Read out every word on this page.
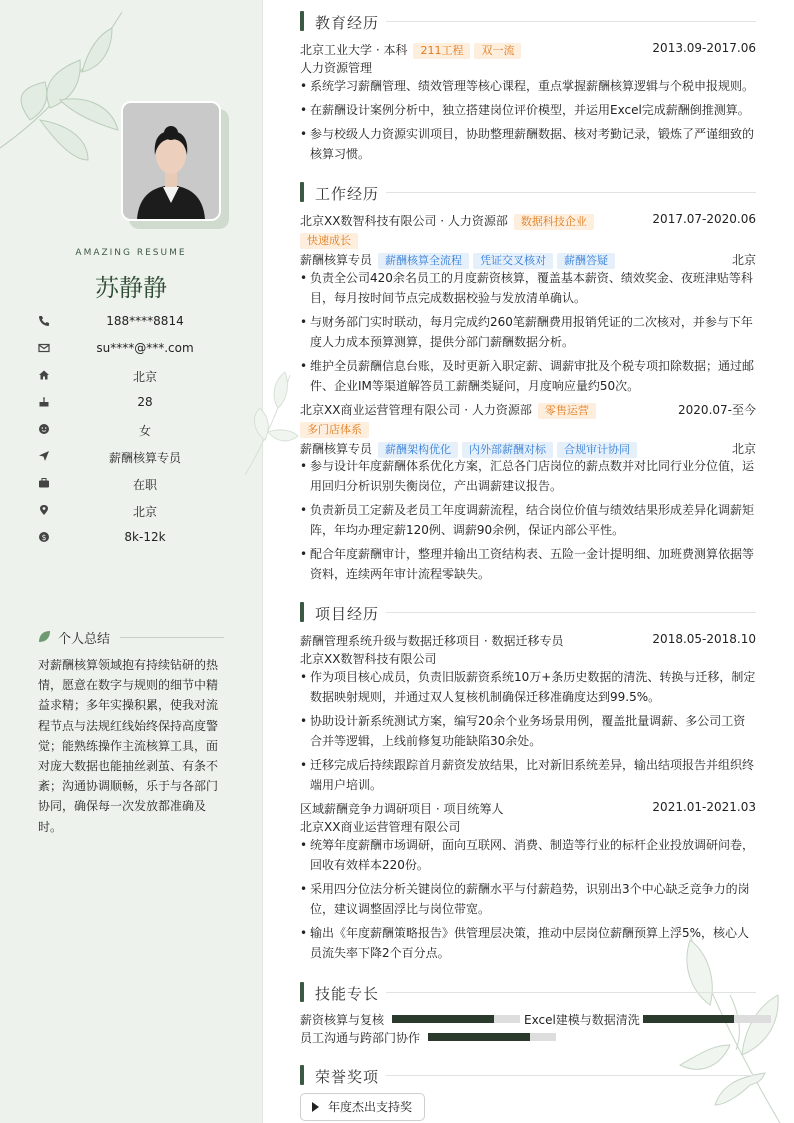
AMAZING RESUME
苏静静
188****8814
su****@***.com
北京
28
女
薪酬核算专员
在职
北京
$	8k-12k
个人总结
对薪酬核算领域抱有持续钻研的热情，愿意在数字与规则的细节中精益求精；多年实操积累，使我对流程节点与法规红线始终保持高度警觉；能熟练操作主流核算工具，面对庞大数据也能抽丝剥茧、有条不紊；沟通协调顺畅，乐于与各部门协同，确保每一次发放都准确及时。
教育经历
北京工业大学 · 本科 211工程 双一流	2013.09-2017.06
人力资源管理
• 系统学习薪酬管理、绩效管理等核心课程，重点掌握薪酬核算逻辑与个税申报规则。
• 在薪酬设计案例分析中，独立搭建岗位评价模型，并运用Excel完成薪酬倒推测算。
• 参与校级人力资源实训项目，协助整理薪酬数据、核对考勤记录，锻炼了严谨细致的核算习惯。
工作经历
北京XX数智科技有限公司 · 人力资源部 数据科技企业	2017.07-2020.06
快速成长
薪酬核算专员 薪酬核算全流程 凭证交叉核对 薪酬答疑	北京
• 负责全公司420余名员工的月度薪资核算，覆盖基本薪资、绩效奖金、夜班津贴等科目，每月按时间节点完成数据校验与发放清单确认。
• 与财务部门实时联动，每月完成约260笔薪酬费用报销凭证的二次核对，并参与下年度人力成本预算测算，提供分部门薪酬数据分析。
• 维护全员薪酬信息台账，及时更新入职定薪、调薪审批及个税专项扣除数据；通过邮件、企业IM等渠道解答员工薪酬类疑问，月度响应量约50次。
北京XX商业运营管理有限公司 · 人力资源部 零售运营	2020.07-至今
多门店体系
薪酬核算专员 薪酬架构优化 内外部薪酬对标 合规审计协同	北京
• 参与设计年度薪酬体系优化方案，汇总各门店岗位的薪点数并对比同行业分位值，运用回归分析识别失衡岗位，产出调薪建议报告。
• 负责新员工定薪及老员工年度调薪流程，结合岗位价值与绩效结果形成差异化调薪矩阵，年均办理定薪120例、调薪90余例，保证内部公平性。
• 配合年度薪酬审计，整理并输出工资结构表、五险一金计提明细、加班费测算依据等资料，连续两年审计流程零缺失。
项目经历
薪酬管理系统升级与数据迁移项目 · 数据迁移专员	2018.05-2018.10
北京XX数智科技有限公司
• 作为项目核心成员，负责旧版薪资系统10万+条历史数据的清洗、转换与迁移，制定数据映射规则，并通过双人复核机制确保迁移准确度达到99.5%。
• 协助设计新系统测试方案，编写20余个业务场景用例，覆盖批量调薪、多公司工资合并等逻辑，上线前修复功能缺陷30余处。
• 迁移完成后持续跟踪首月薪资发放结果，比对新旧系统差异，输出结项报告并组织终端用户培训。
区域薪酬竞争力调研项目 · 项目统筹人	2021.01-2021.03
北京XX商业运营管理有限公司
• 统筹年度薪酬市场调研，面向互联网、消费、制造等行业的标杆企业投放调研问卷，回收有效样本220份。
• 采用四分位法分析关键岗位的薪酬水平与付薪趋势，识别出3个中心缺乏竞争力的岗位，建议调整固浮比与岗位带宽。
• 输出《年度薪酬策略报告》供管理层决策，推动中层岗位薪酬预算上浮5%，核心人员流失率下降2个百分点。
技能专长
薪资核算与复核	Excel建模与数据清洗
员工沟通与跨部门协作
荣誉奖项
年度杰出支持奖
